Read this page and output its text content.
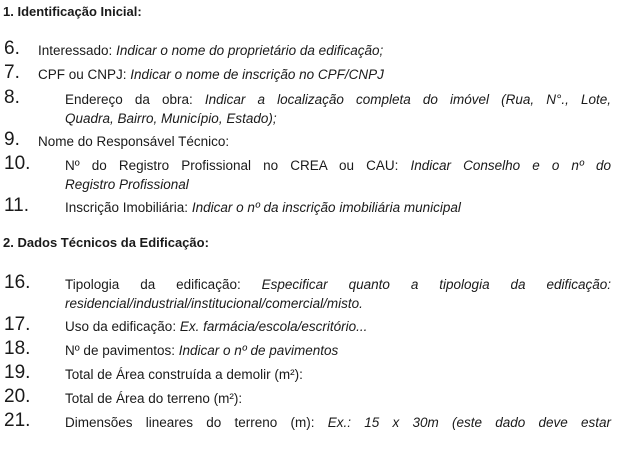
1. Identificação Inicial:
6. Interessado: Indicar o nome do proprietário da edificação;
7. CPF ou CNPJ: Indicar o nome de inscrição no CPF/CNPJ
8.	Endereço da obra: Indicar a localização completa do imóvel (Rua, N°., Lote,
Quadra, Bairro, Município, Estado);
9. Nome do Responsável Técnico:
10.	Nº do Registro Profissional no CREA ou CAU: Indicar Conselho e o nº do
Registro Profissional
11.	Inscrição Imobiliária: Indicar o nº da inscrição imobiliária municipal
2. Dados Técnicos da Edificação:
16.	Tipologia da edificação: Especificar quanto a tipologia da edificação:
residencial/industrial/institucional/comercial/misto.
17.	Uso da edificação: Ex. farmácia/escola/escritório...
18.	Nº de pavimentos: Indicar o nº de pavimentos
19.	Total de Área construída a demolir (m²):
20.	Total de Área do terreno (m²):
21.	Dimensões lineares do terreno (m): Ex.: 15 x 30m (este dado deve estar
